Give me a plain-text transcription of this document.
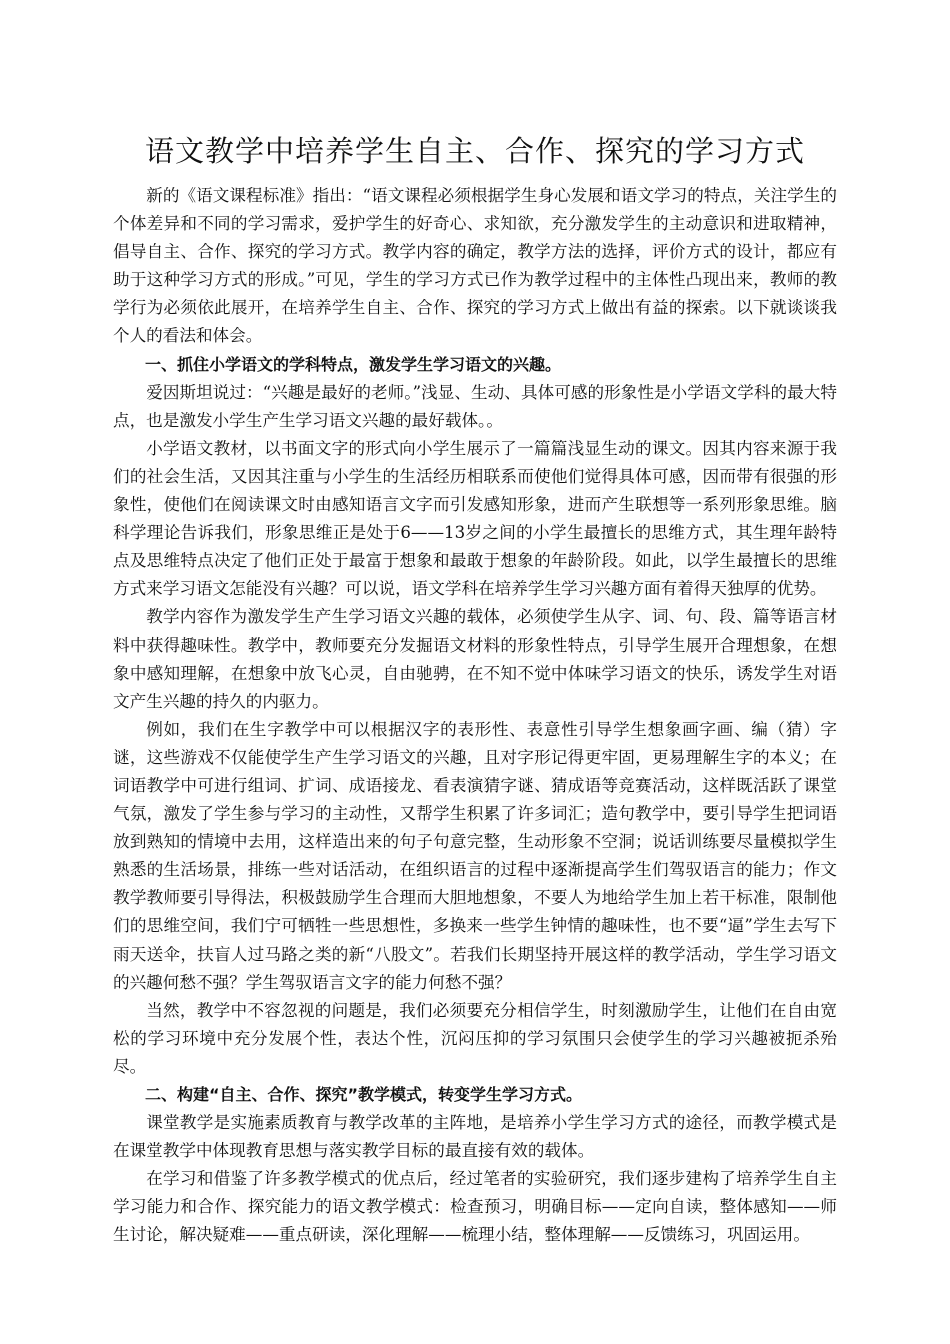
语文教学中培养学生自主、合作、探究的学习方式

新的《语文课程标准》指出：“语文课程必须根据学生身心发展和语文学习的特点，关注学生的个体差异和不同的学习需求，爱护学生的好奇心、求知欲，充分激发学生的主动意识和进取精神，倡导自主、合作、探究的学习方式。教学内容的确定，教学方法的选择，评价方式的设计，都应有助于这种学习方式的形成。”可见，学生的学习方式已作为教学过程中的主体性凸现出来，教师的教学行为必须依此展开，在培养学生自主、合作、探究的学习方式上做出有益的探索。以下就谈谈我个人的看法和体会。

一、抓住小学语文的学科特点，激发学生学习语文的兴趣。

爱因斯坦说过：“兴趣是最好的老师。”浅显、生动、具体可感的形象性是小学语文学科的最大特点，也是激发小学生产生学习语文兴趣的最好载体。。

小学语文教材，以书面文字的形式向小学生展示了一篇篇浅显生动的课文。因其内容来源于我们的社会生活，又因其注重与小学生的生活经历相联系而使他们觉得具体可感，因而带有很强的形象性，使他们在阅读课文时由感知语言文字而引发感知形象，进而产生联想等一系列形象思维。脑科学理论告诉我们，形象思维正是处于6——13岁之间的小学生最擅长的思维方式，其生理年龄特点及思维特点决定了他们正处于最富于想象和最敢于想象的年龄阶段。如此，以学生最擅长的思维方式来学习语文怎能没有兴趣？可以说，语文学科在培养学生学习兴趣方面有着得天独厚的优势。

教学内容作为激发学生产生学习语文兴趣的载体，必须使学生从字、词、句、段、篇等语言材料中获得趣味性。教学中，教师要充分发掘语文材料的形象性特点，引导学生展开合理想象，在想象中感知理解，在想象中放飞心灵，自由驰骋，在不知不觉中体味学习语文的快乐，诱发学生对语文产生兴趣的持久的内驱力。

例如，我们在生字教学中可以根据汉字的表形性、表意性引导学生想象画字画、编（猜）字谜，这些游戏不仅能使学生产生学习语文的兴趣，且对字形记得更牢固，更易理解生字的本义；在词语教学中可进行组词、扩词、成语接龙、看表演猜字谜、猜成语等竞赛活动，这样既活跃了课堂气氛，激发了学生参与学习的主动性，又帮学生积累了许多词汇；造句教学中，要引导学生把词语放到熟知的情境中去用，这样造出来的句子句意完整，生动形象不空洞；说话训练要尽量模拟学生熟悉的生活场景，排练一些对话活动，在组织语言的过程中逐渐提高学生们驾驭语言的能力；作文教学教师要引导得法，积极鼓励学生合理而大胆地想象，不要人为地给学生加上若干标准，限制他们的思维空间，我们宁可牺牲一些思想性，多换来一些学生钟情的趣味性，也不要“逼”学生去写下雨天送伞，扶盲人过马路之类的新“八股文”。若我们长期坚持开展这样的教学活动，学生学习语文的兴趣何愁不强？学生驾驭语言文字的能力何愁不强？

当然，教学中不容忽视的问题是，我们必须要充分相信学生，时刻激励学生，让他们在自由宽松的学习环境中充分发展个性，表达个性，沉闷压抑的学习氛围只会使学生的学习兴趣被扼杀殆尽。

二、构建“自主、合作、探究”教学模式，转变学生学习方式。

课堂教学是实施素质教育与教学改革的主阵地，是培养小学生学习方式的途径，而教学模式是在课堂教学中体现教育思想与落实教学目标的最直接有效的载体。

在学习和借鉴了许多教学模式的优点后，经过笔者的实验研究，我们逐步建构了培养学生自主学习能力和合作、探究能力的语文教学模式：检查预习，明确目标——定向自读，整体感知——师生讨论，解决疑难——重点研读，深化理解——梳理小结，整体理解——反馈练习，巩固运用。
